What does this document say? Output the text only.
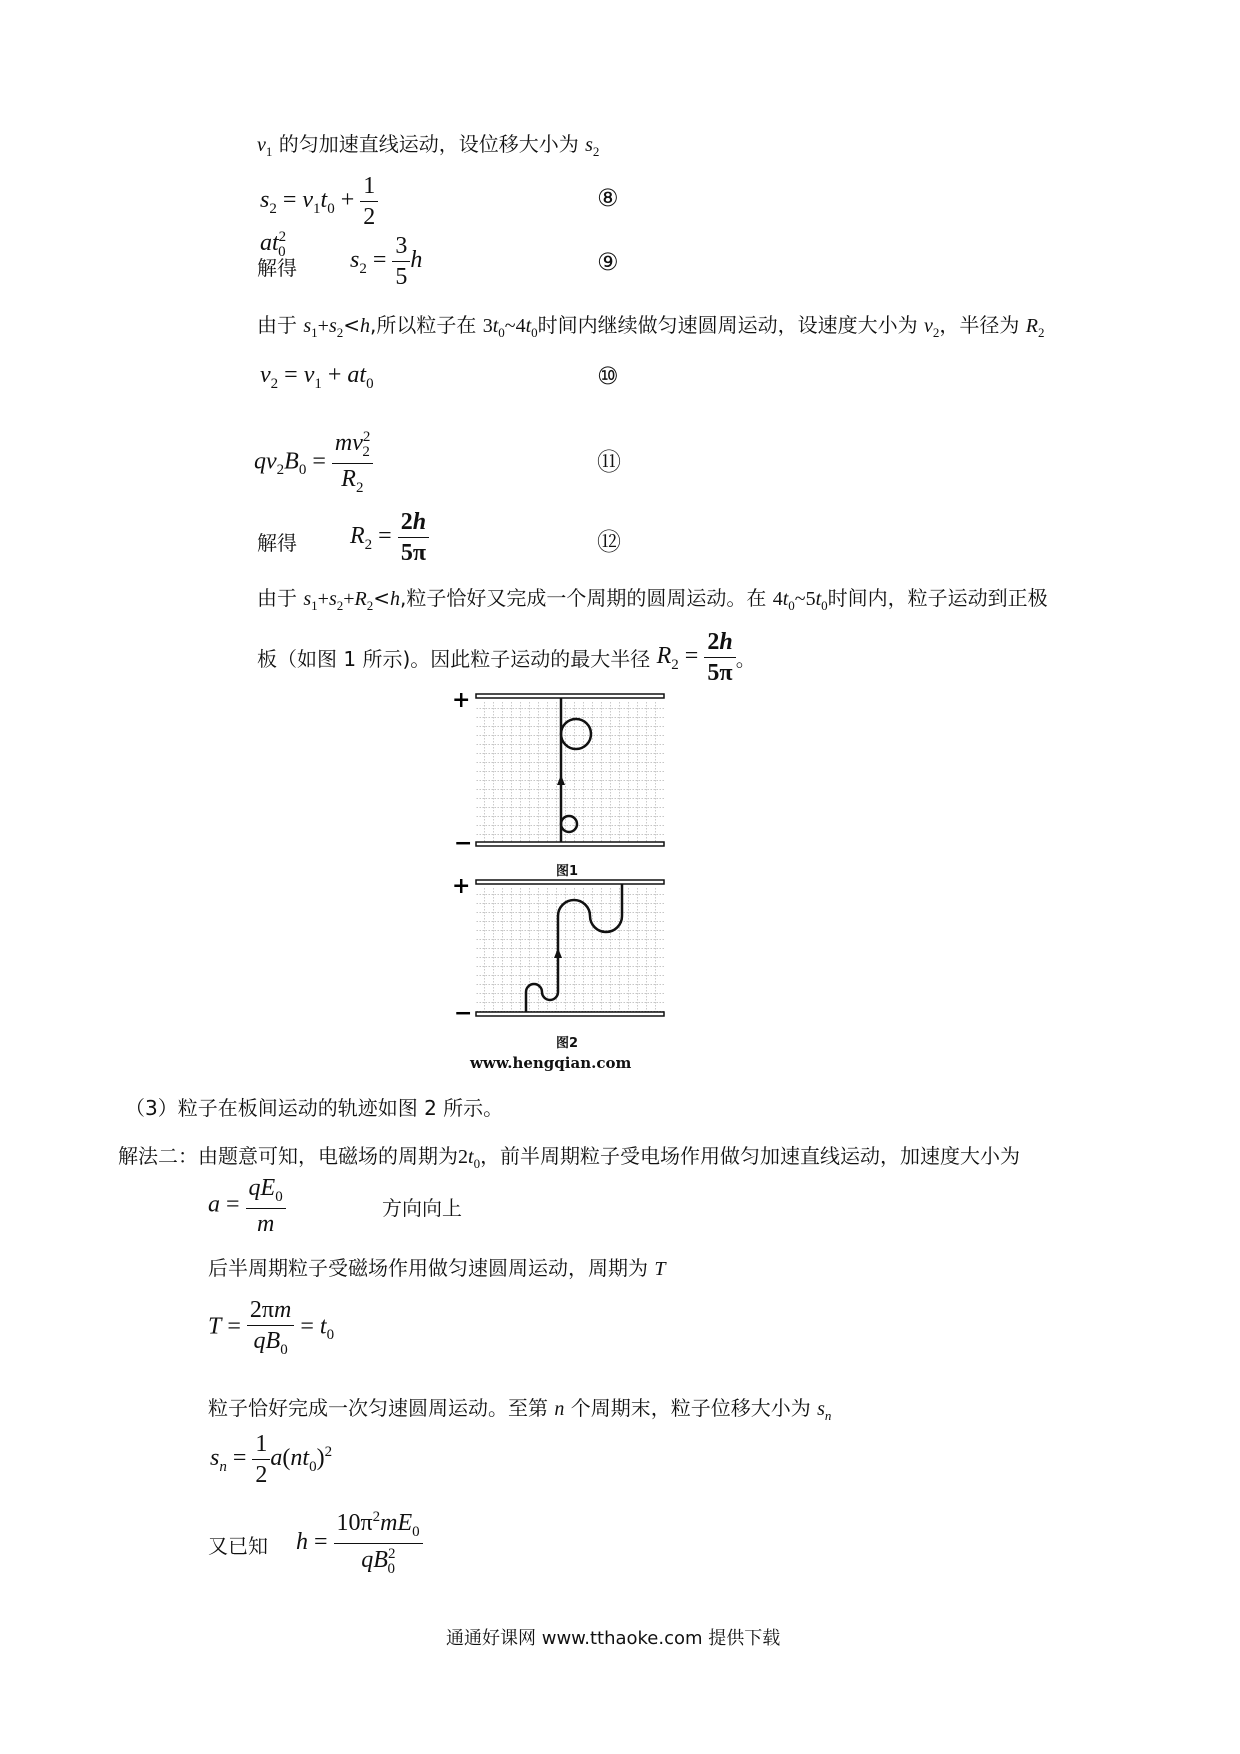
$v_1$ 的匀加速直线运动，设位移大小为 $s_2$
$s_2 = v_1t_0 + \frac{1}{2}$
$at^2_0$
⑧
解得 $s_2 = \frac{3}{5}$ h	⑨
由于 $s_1+s_2<h$,所以粒子在 $3t_0\sim 4t_0$时间内继续做匀速圆周运动，设速度大小为 $v_2$，半径为 $R_2$
$v_2 = v_1 + at_0$	⑩
$qv_2B_0 = \frac{mv^2_2}{R_2}$	⑪
解得 $R_2 = \frac{2h}{5\pi}$	⑫
由于 $s_1+s_2+R_2<h$,粒子恰好又完成一个周期的圆周运动。在 $4t_0\sim 5t_0$时间内，粒子运动到正极
板（如图 1 所示)。因此粒子运动的最大半径 $R_2 = \frac{2h}{5\pi}$ 。
+
−
图1
+
−
图2
www.hengqian.com
（3）粒子在板间运动的轨迹如图 2 所示。
解法二：由题意可知，电磁场的周期为$2t_0$，前半周期粒子受电场作用做匀加速直线运动，加速度大小为
$a = \frac{qE_0}{m}$	方向向上
后半周期粒子受磁场作用做匀速圆周运动，周期为 T
$T = \frac{2\pi m}{qB_0} = t_0$
粒子恰好完成一次匀速圆周运动。至第 n 个周期末，粒子位移大小为 $s_n$
$s_n = \frac{1}{2} a(nt_0)^2$
又已知 $h = \frac{10\pi^2mE_0}{qB^2_0}$
通通好课网 www.tthaoke.com 提供下载
